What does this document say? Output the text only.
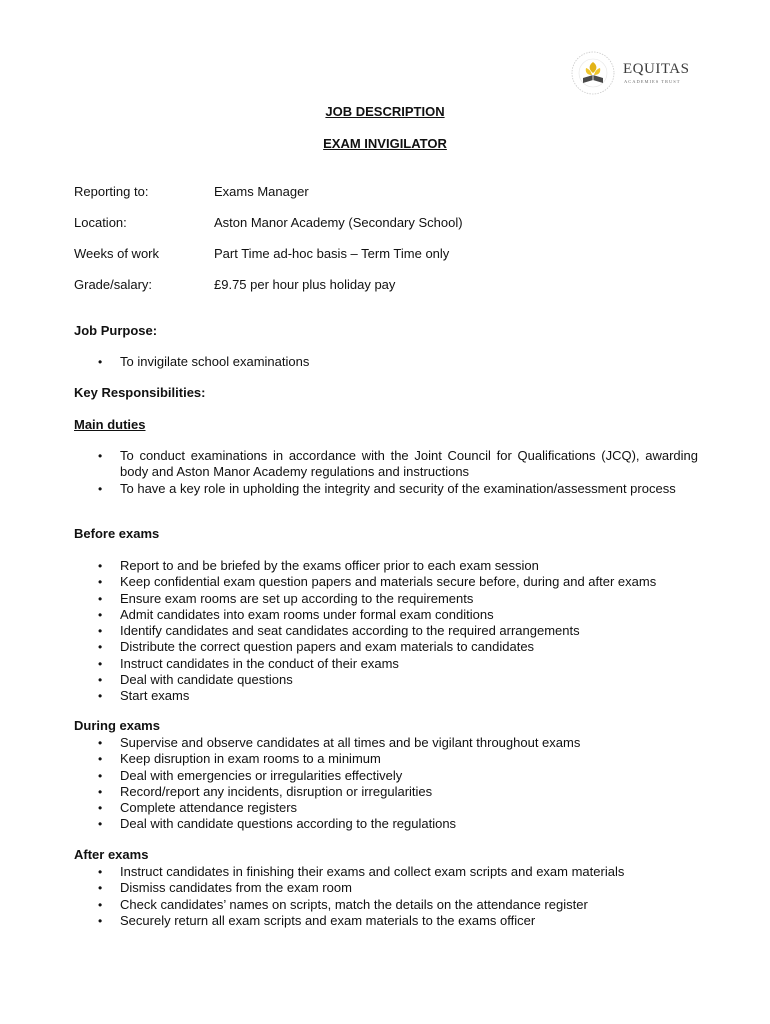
EQUITAS
ACADEMIES TRUST
JOB DESCRIPTION
EXAM INVIGILATOR
Reporting to:	Exams Manager
Location:	Aston Manor Academy (Secondary School)
Weeks of work	Part Time ad-hoc basis – Term Time only
Grade/salary:	£9.75 per hour plus holiday pay
Job Purpose:
• To invigilate school examinations
Key Responsibilities:
Main duties
• To conduct examinations in accordance with the Joint Council for Qualifications (JCQ), awarding body and Aston Manor Academy regulations and instructions
• To have a key role in upholding the integrity and security of the examination/assessment process
Before exams
• Report to and be briefed by the exams officer prior to each exam session
• Keep confidential exam question papers and materials secure before, during and after exams
• Ensure exam rooms are set up according to the requirements
• Admit candidates into exam rooms under formal exam conditions
• Identify candidates and seat candidates according to the required arrangements
• Distribute the correct question papers and exam materials to candidates
• Instruct candidates in the conduct of their exams
• Deal with candidate questions
• Start exams
During exams
• Supervise and observe candidates at all times and be vigilant throughout exams
• Keep disruption in exam rooms to a minimum
• Deal with emergencies or irregularities effectively
• Record/report any incidents, disruption or irregularities
• Complete attendance registers
• Deal with candidate questions according to the regulations
After exams
• Instruct candidates in finishing their exams and collect exam scripts and exam materials
• Dismiss candidates from the exam room
• Check candidates’ names on scripts, match the details on the attendance register
• Securely return all exam scripts and exam materials to the exams officer
